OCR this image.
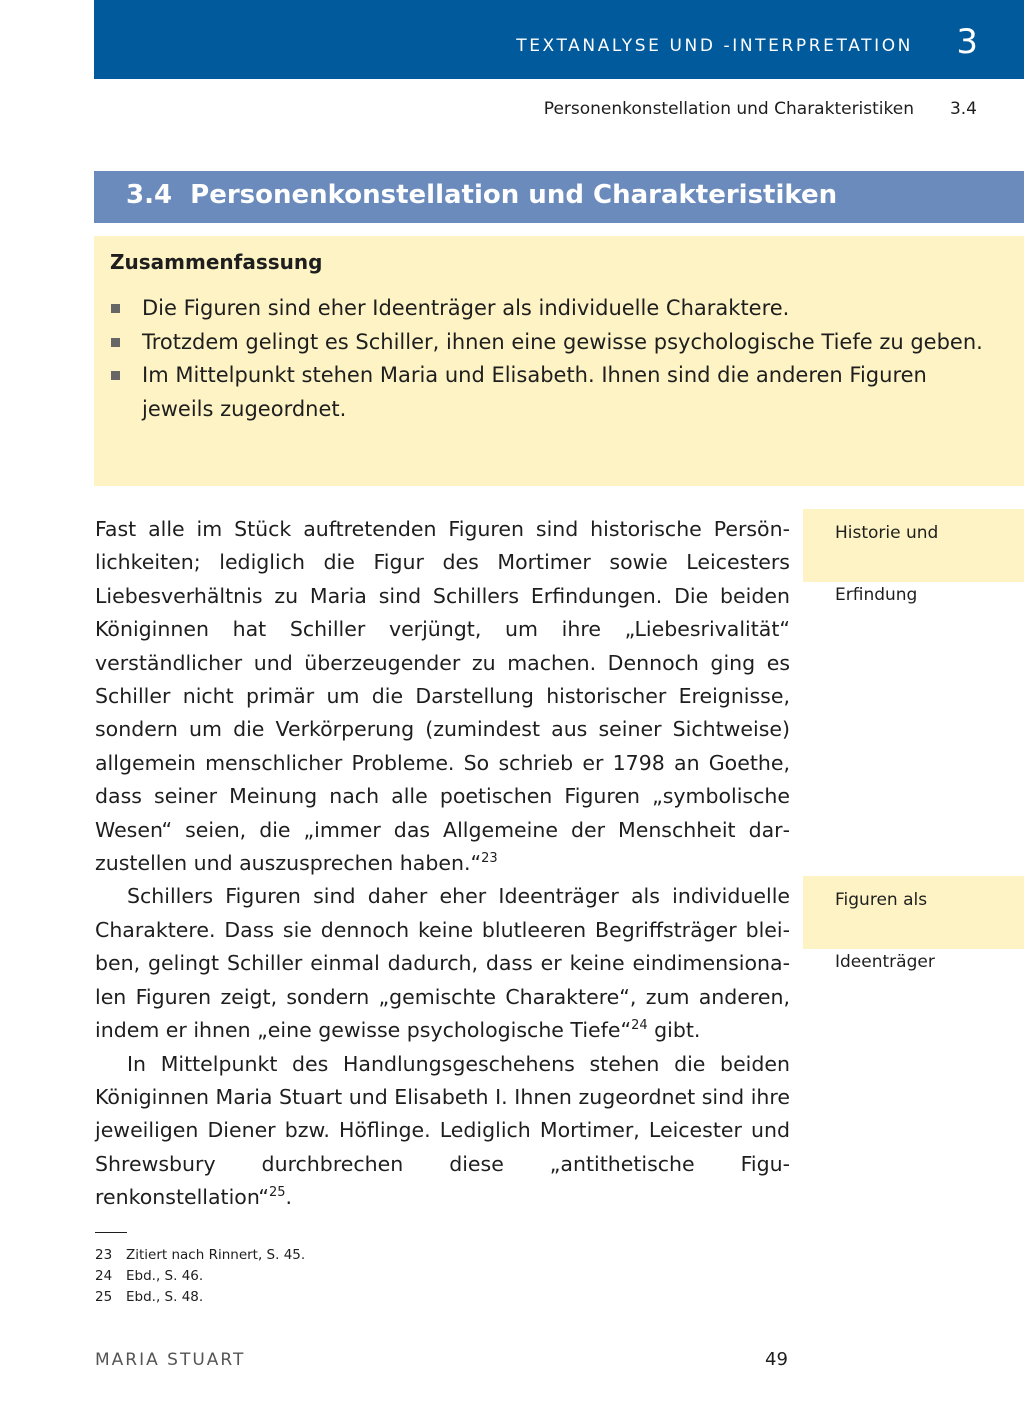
TEXTANALYSE UND -INTERPRETATION 3
Personenkonstellation und Charakteristiken 3.4
3.4 Personenkonstellation und Charakteristiken
Zusammenfassung
Die Figuren sind eher Ideenträger als individuelle Charaktere.
Trotzdem gelingt es Schiller, ihnen eine gewisse psychologische Tiefe zu geben.
Im Mittelpunkt stehen Maria und Elisabeth. Ihnen sind die anderen Figuren jeweils zugeordnet.

Fast alle im Stück auftretenden Figuren sind historische Persönlichkeiten; lediglich die Figur des Mortimer sowie Leicesters Liebesverhältnis zu Maria sind Schillers Erfindungen. Die beiden Königinnen hat Schiller verjüngt, um ihre „Liebesrivalität“ verständlicher und überzeugender zu machen. Dennoch ging es Schiller nicht primär um die Darstellung historischer Ereignisse, sondern um die Verkörperung (zumindest aus seiner Sichtweise) allgemein menschlicher Probleme. So schrieb er 1798 an Goethe, dass seiner Meinung nach alle poetischen Figuren „symbolische Wesen“ seien, die „immer das Allgemeine der Menschheit darzustellen und auszusprechen haben.“$^{23}$

Schillers Figuren sind daher eher Ideenträger als individuelle Charaktere. Dass sie dennoch keine blutleeren Begriffsträger bleiben, gelingt Schiller einmal dadurch, dass er keine eindimensionalen Figuren zeigt, sondern „gemischte Charaktere“, zum anderen, indem er ihnen „eine gewisse psychologische Tiefe“$^{24}$ gibt.

In Mittelpunkt des Handlungsgeschehens stehen die beiden Königinnen Maria Stuart und Elisabeth I. Ihnen zugeordnet sind ihre jeweiligen Diener bzw. Höflinge. Lediglich Mortimer, Leicester und Shrewsbury durchbrechen diese „antithetische Figurenkonstellation“$^{25}$.

Historie und

Erfindung
Figuren als

Ideenträger
23 Zitiert nach Rinnert, S. 45.
24 Ebd., S. 46.
25 Ebd., S. 48.
MARIA STUART	49
